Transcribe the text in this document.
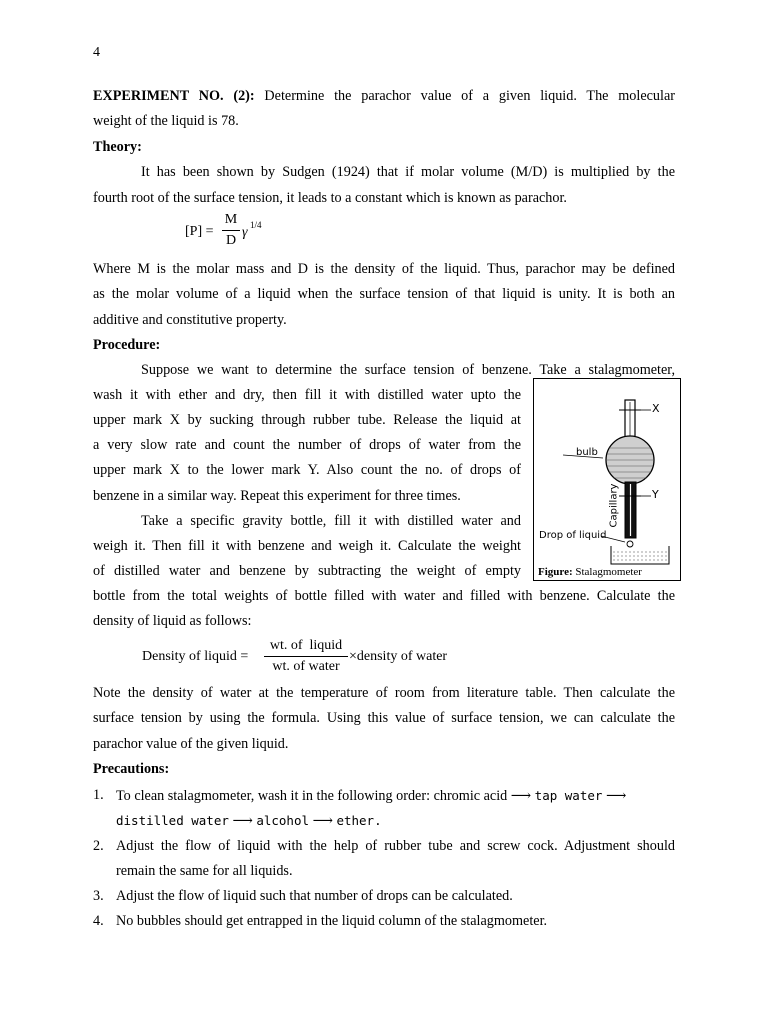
4
EXPERIMENT NO. (2): Determine the parachor value of a given liquid. The molecular
weight of the liquid is 78.
Theory:
It has been shown by Sudgen (1924) that if molar volume (M/D) is multiplied by the
fourth root of the surface tension, it leads to a constant which is known as parachor.
[P] =
M
D
γ 1/4
Where M is the molar mass and D is the density of the liquid. Thus, parachor may be defined
as the molar volume of a liquid when the surface tension of that liquid is unity. It is both an
additive and constitutive property.
Procedure:
Suppose we want to determine the surface tension of benzene. Take a stalagmometer,
wash it with ether and dry, then fill it with distilled water upto the
upper mark X by sucking through rubber tube. Release the liquid at
a very slow rate and count the number of drops of water from the
upper mark X to the lower mark Y. Also count the no. of drops of
benzene in a similar way. Repeat this experiment for three times.
Take a specific gravity bottle, fill it with distilled water and
weigh it. Then fill it with benzene and weigh it. Calculate the weight
of distilled water and benzene by subtracting the weight of empty
bottle from the total weights of bottle filled with water and filled with benzene. Calculate the
density of liquid as follows:
Density of liquid =
wt. of  liquid
wt. of water
×density of water
Note the density of water at the temperature of room from literature table. Then calculate the
surface tension by using the formula. Using this value of surface tension, we can calculate the
parachor value of the given liquid.
X
Y
bulb
Capillary
Drop of liquid
Figure: Stalagmometer
Precautions:
1. To clean stalagmometer, wash it in the following order: chromic acid ⟶ tap water ⟶
distilled water ⟶ alcohol ⟶ ether.
2. Adjust the flow of liquid with the help of rubber tube and screw cock. Adjustment should
remain the same for all liquids.
3. Adjust the flow of liquid such that number of drops can be calculated.
4. No bubbles should get entrapped in the liquid column of the stalagmometer.
